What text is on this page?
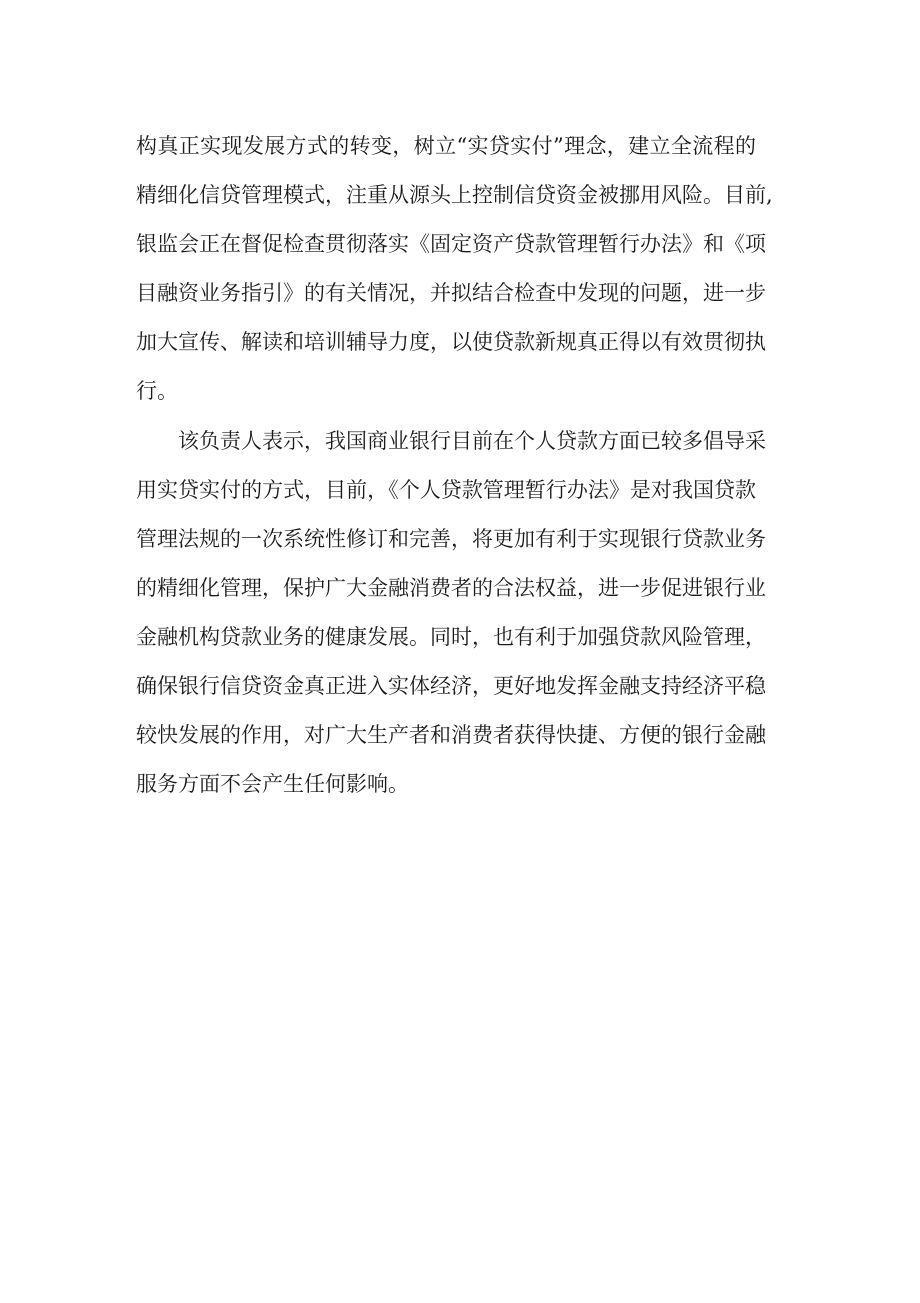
构真正实现发展方式的转变，树立“实贷实付”理念，建立全流程的
精细化信贷管理模式，注重从源头上控制信贷资金被挪用风险。目前,
银监会正在督促检查贯彻落实《固定资产贷款管理暂行办法》和《项
目融资业务指引》的有关情况，并拟结合检查中发现的问题，进一步
加大宣传、解读和培训辅导力度，以使贷款新规真正得以有效贯彻执
行。
该负责人表示，我国商业银行目前在个人贷款方面已较多倡导采
用实贷实付的方式，目前，《个人贷款管理暂行办法》是对我国贷款
管理法规的一次系统性修订和完善，将更加有利于实现银行贷款业务
的精细化管理，保护广大金融消费者的合法权益，进一步促进银行业
金融机构贷款业务的健康发展。同时，也有利于加强贷款风险管理，
确保银行信贷资金真正进入实体经济，更好地发挥金融支持经济平稳
较快发展的作用，对广大生产者和消费者获得快捷、方便的银行金融
服务方面不会产生任何影响。
